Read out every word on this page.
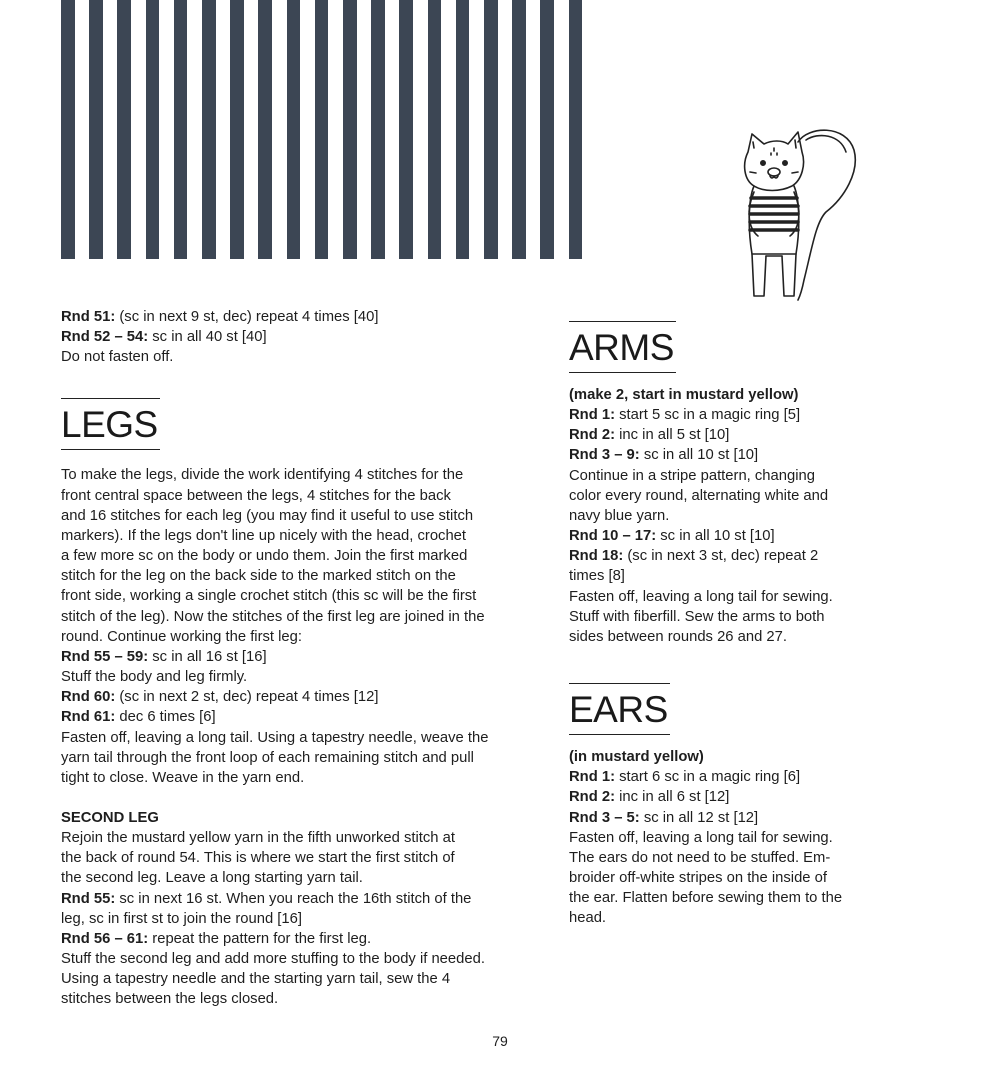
Rnd 51: (sc in next 9 st, dec) repeat 4 times [40]
Rnd 52 – 54: sc in all 40 st [40]
Do not fasten off.
LEGS
To make the legs, divide the work identifying 4 stitches for the
front central space between the legs, 4 stitches for the back
and 16 stitches for each leg (you may find it useful to use stitch
markers). If the legs don't line up nicely with the head, crochet
a few more sc on the body or undo them. Join the first marked
stitch for the leg on the back side to the marked stitch on the
front side, working a single crochet stitch (this sc will be the first
stitch of the leg). Now the stitches of the first leg are joined in the
round. Continue working the first leg:
Rnd 55 – 59: sc in all 16 st [16]
Stuff the body and leg firmly.
Rnd 60: (sc in next 2 st, dec) repeat 4 times [12]
Rnd 61: dec 6 times [6]
Fasten off, leaving a long tail. Using a tapestry needle, weave the
yarn tail through the front loop of each remaining stitch and pull
tight to close. Weave in the yarn end.
SECOND LEG
Rejoin the mustard yellow yarn in the fifth unworked stitch at
the back of round 54. This is where we start the first stitch of
the second leg. Leave a long starting yarn tail.
Rnd 55: sc in next 16 st. When you reach the 16th stitch of the
leg, sc in first st to join the round [16]
Rnd 56 – 61: repeat the pattern for the first leg.
Stuff the second leg and add more stuffing to the body if needed.
Using a tapestry needle and the starting yarn tail, sew the 4
stitches between the legs closed.
ARMS
(make 2, start in mustard yellow)
Rnd 1: start 5 sc in a magic ring [5]
Rnd 2: inc in all 5 st [10]
Rnd 3 – 9: sc in all 10 st [10]
Continue in a stripe pattern, changing
color every round, alternating white and
navy blue yarn.
Rnd 10 – 17: sc in all 10 st [10]
Rnd 18: (sc in next 3 st, dec) repeat 2
times [8]
Fasten off, leaving a long tail for sewing.
Stuff with fiberfill. Sew the arms to both
sides between rounds 26 and 27.
EARS
(in mustard yellow)
Rnd 1: start 6 sc in a magic ring [6]
Rnd 2: inc in all 6 st [12]
Rnd 3 – 5: sc in all 12 st [12]
Fasten off, leaving a long tail for sewing.
The ears do not need to be stuffed. Em-
broider off-white stripes on the inside of
the ear. Flatten before sewing them to the
head.
79
